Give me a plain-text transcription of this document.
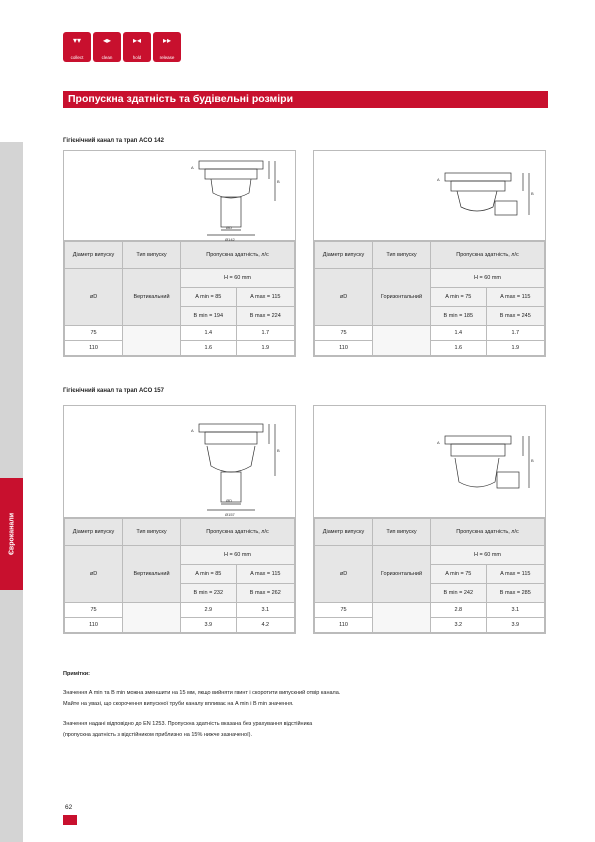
Євроканали
▾▾
collect
◂▸
clean
▸◂
hold
▸▸
release
Пропускна здатність та будівельні розміри
Гігієнічний канал та трап ACO 142
Гігієнічний канал та трап ACO 157
A
B
ØD
Ø142
Діаметр випуску	Тип випуску	Пропускна здатність, л/с	
øD	Вертикальний	H = 60 mm	
		A min = 85	A max = 115
		B min = 194	B max = 224
75		1.4	1.7
110		1.6	1.9
A
B
Діаметр випуску	Тип випуску	Пропускна здатність, л/с	
øD	Горизонтальний	H = 60 mm	
		A min = 75	A max = 115
		B min = 185	B max = 245
75		1.4	1.7
110		1.6	1.9
A
B
ØD
Ø157
Діаметр випуску	Тип випуску	Пропускна здатність, л/с	
øD	Вертикальний	H = 60 mm	
		A min = 85	A max = 115
		B min = 232	B max = 262
75		2.9	3.1
110		3.9	4.2
A
B
Діаметр випуску	Тип випуску	Пропускна здатність, л/с	
øD	Горизонтальний	H = 60 mm	
		A min = 75	A max = 115
		B min = 242	B max = 285
75		2.8	3.1
110		3.2	3.9
Примітки:
Значення A min та B min можна зменшити на 15 мм, якщо вийняти гвинт і скоротити випускний отвір канала.
Майте на увазі, що скорочення випускної труби каналу впливає на A min і B min значення.
Значення надані відповідно до EN 1253. Пропускна здатність вказана без урахування відстійника
(пропускна здатність з відстійником приблизно на 15% нижче зазначеної).
62
